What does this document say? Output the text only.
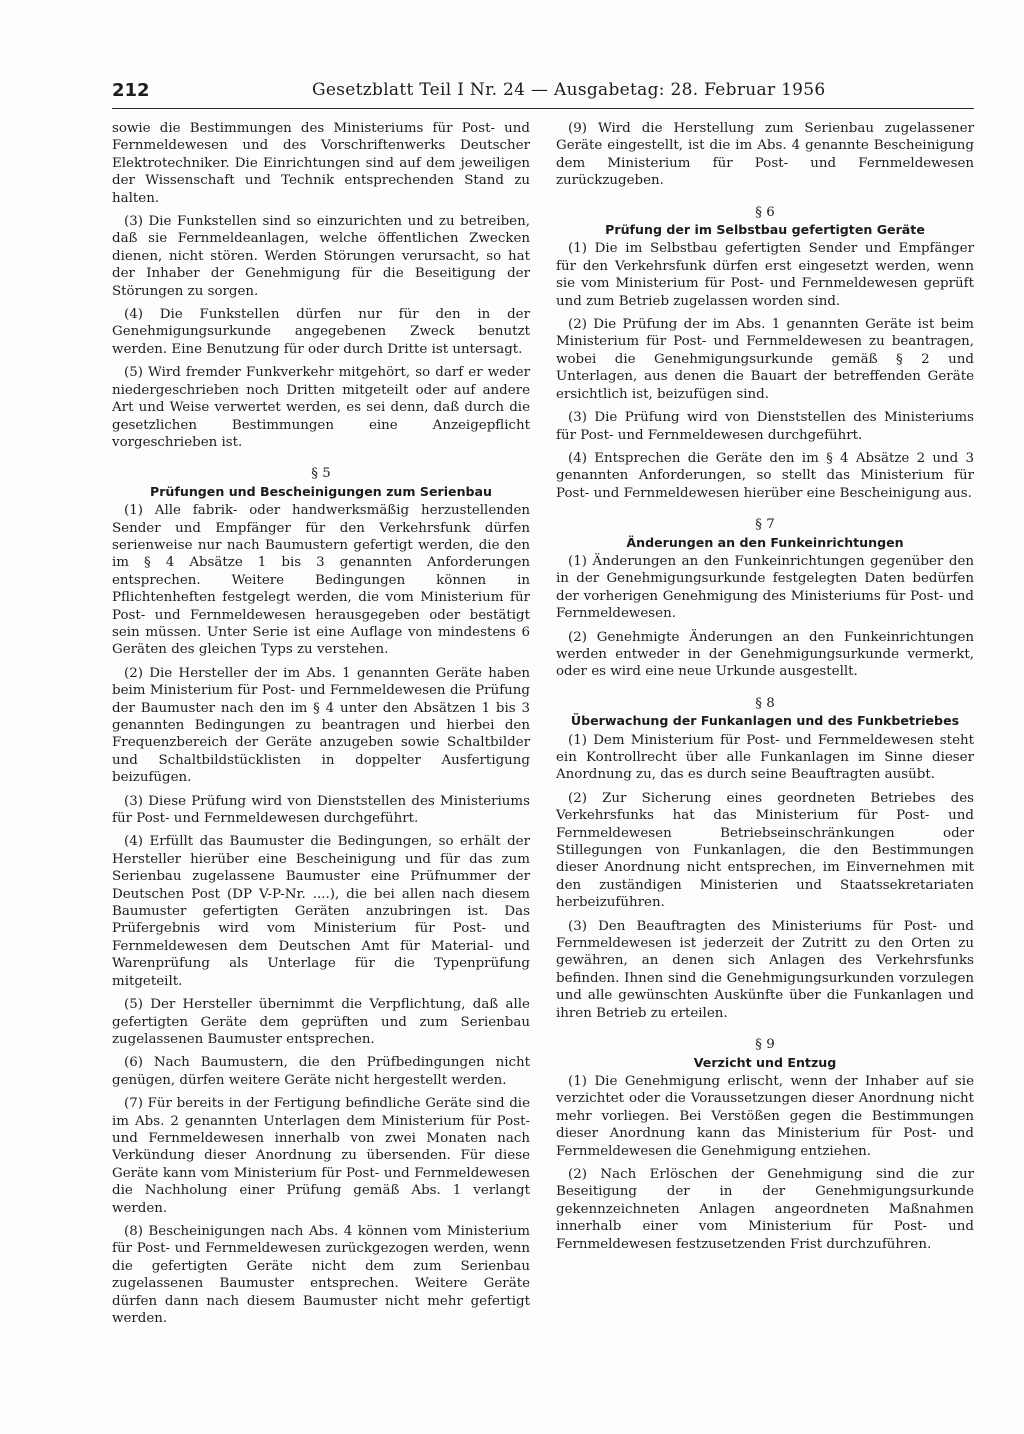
212	Gesetzblatt Teil I Nr. 24 — Ausgabetag: 28. Februar 1956

sowie die Bestimmungen des Ministeriums für Post- und Fernmeldewesen und des Vorschriftenwerks Deutscher Elektrotechniker. Die Einrichtungen sind auf dem jeweiligen der Wissenschaft und Technik entsprechenden Stand zu halten.

(3) Die Funkstellen sind so einzurichten und zu betreiben, daß sie Fernmeldeanlagen, welche öffentlichen Zwecken dienen, nicht stören. Werden Störungen verursacht, so hat der Inhaber der Genehmigung für die Beseitigung der Störungen zu sorgen.

(4) Die Funkstellen dürfen nur für den in der Genehmigungsurkunde angegebenen Zweck benutzt werden. Eine Benutzung für oder durch Dritte ist untersagt.

(5) Wird fremder Funkverkehr mitgehört, so darf er weder niedergeschrieben noch Dritten mitgeteilt oder auf andere Art und Weise verwertet werden, es sei denn, daß durch die gesetzlichen Bestimmungen eine Anzeigepflicht vorgeschrieben ist.

§ 5

Prüfungen und Bescheinigungen zum Serienbau

(1) Alle fabrik- oder handwerksmäßig herzustellenden Sender und Empfänger für den Verkehrsfunk dürfen serienweise nur nach Baumustern gefertigt werden, die den im § 4 Absätze 1 bis 3 genannten Anforderungen entsprechen. Weitere Bedingungen können in Pflichtenheften festgelegt werden, die vom Ministerium für Post- und Fernmeldewesen herausgegeben oder bestätigt sein müssen. Unter Serie ist eine Auflage von mindestens 6 Geräten des gleichen Typs zu verstehen.

(2) Die Hersteller der im Abs. 1 genannten Geräte haben beim Ministerium für Post- und Fernmeldewesen die Prüfung der Baumuster nach den im § 4 unter den Absätzen 1 bis 3 genannten Bedingungen zu beantragen und hierbei den Frequenzbereich der Geräte anzugeben sowie Schaltbilder und Schaltbildstücklisten in doppelter Ausfertigung beizufügen.

(3) Diese Prüfung wird von Dienststellen des Ministeriums für Post- und Fernmeldewesen durchgeführt.

(4) Erfüllt das Baumuster die Bedingungen, so erhält der Hersteller hierüber eine Bescheinigung und für das zum Serienbau zugelassene Baumuster eine Prüfnummer der Deutschen Post (DP V-P-Nr. ....), die bei allen nach diesem Baumuster gefertigten Geräten anzubringen ist. Das Prüfergebnis wird vom Ministerium für Post- und Fernmeldewesen dem Deutschen Amt für Material- und Warenprüfung als Unterlage für die Typenprüfung mitgeteilt.

(5) Der Hersteller übernimmt die Verpflichtung, daß alle gefertigten Geräte dem geprüften und zum Serienbau zugelassenen Baumuster entsprechen.

(6) Nach Baumustern, die den Prüfbedingungen nicht genügen, dürfen weitere Geräte nicht hergestellt werden.

(7) Für bereits in der Fertigung befindliche Geräte sind die im Abs. 2 genannten Unterlagen dem Ministerium für Post- und Fernmeldewesen innerhalb von zwei Monaten nach Verkündung dieser Anordnung zu übersenden. Für diese Geräte kann vom Ministerium für Post- und Fernmeldewesen die Nachholung einer Prüfung gemäß Abs. 1 verlangt werden.

(8) Bescheinigungen nach Abs. 4 können vom Ministerium für Post- und Fernmeldewesen zurückgezogen werden, wenn die gefertigten Geräte nicht dem zum Serienbau zugelassenen Baumuster entsprechen. Weitere Geräte dürfen dann nach diesem Baumuster nicht mehr gefertigt werden.

(9) Wird die Herstellung zum Serienbau zugelassener Geräte eingestellt, ist die im Abs. 4 genannte Bescheinigung dem Ministerium für Post- und Fernmeldewesen zurückzugeben.

§ 6

Prüfung der im Selbstbau gefertigten Geräte

(1) Die im Selbstbau gefertigten Sender und Empfänger für den Verkehrsfunk dürfen erst eingesetzt werden, wenn sie vom Ministerium für Post- und Fernmeldewesen geprüft und zum Betrieb zugelassen worden sind.

(2) Die Prüfung der im Abs. 1 genannten Geräte ist beim Ministerium für Post- und Fernmeldewesen zu beantragen, wobei die Genehmigungsurkunde gemäß § 2 und Unterlagen, aus denen die Bauart der betreffenden Geräte ersichtlich ist, beizufügen sind.

(3) Die Prüfung wird von Dienststellen des Ministeriums für Post- und Fernmeldewesen durchgeführt.

(4) Entsprechen die Geräte den im § 4 Absätze 2 und 3 genannten Anforderungen, so stellt das Ministerium für Post- und Fernmeldewesen hierüber eine Bescheinigung aus.

§ 7

Änderungen an den Funkeinrichtungen

(1) Änderungen an den Funkeinrichtungen gegenüber den in der Genehmigungsurkunde festgelegten Daten bedürfen der vorherigen Genehmigung des Ministeriums für Post- und Fernmeldewesen.

(2) Genehmigte Änderungen an den Funkeinrichtungen werden entweder in der Genehmigungsurkunde vermerkt, oder es wird eine neue Urkunde ausgestellt.

§ 8

Überwachung der Funkanlagen und des Funkbetriebes

(1) Dem Ministerium für Post- und Fernmeldewesen steht ein Kontrollrecht über alle Funkanlagen im Sinne dieser Anordnung zu, das es durch seine Beauftragten ausübt.

(2) Zur Sicherung eines geordneten Betriebes des Verkehrsfunks hat das Ministerium für Post- und Fernmeldewesen Betriebseinschränkungen oder Stillegungen von Funkanlagen, die den Bestimmungen dieser Anordnung nicht entsprechen, im Einvernehmen mit den zuständigen Ministerien und Staatssekretariaten herbeizuführen.

(3) Den Beauftragten des Ministeriums für Post- und Fernmeldewesen ist jederzeit der Zutritt zu den Orten zu gewähren, an denen sich Anlagen des Verkehrsfunks befinden. Ihnen sind die Genehmigungsurkunden vorzulegen und alle gewünschten Auskünfte über die Funkanlagen und ihren Betrieb zu erteilen.

§ 9

Verzicht und Entzug

(1) Die Genehmigung erlischt, wenn der Inhaber auf sie verzichtet oder die Voraussetzungen dieser Anordnung nicht mehr vorliegen. Bei Verstößen gegen die Bestimmungen dieser Anordnung kann das Ministerium für Post- und Fernmeldewesen die Genehmigung entziehen.

(2) Nach Erlöschen der Genehmigung sind die zur Beseitigung der in der Genehmigungsurkunde gekennzeichneten Anlagen angeordneten Maßnahmen innerhalb einer vom Ministerium für Post- und Fernmeldewesen festzusetzenden Frist durchzuführen.
